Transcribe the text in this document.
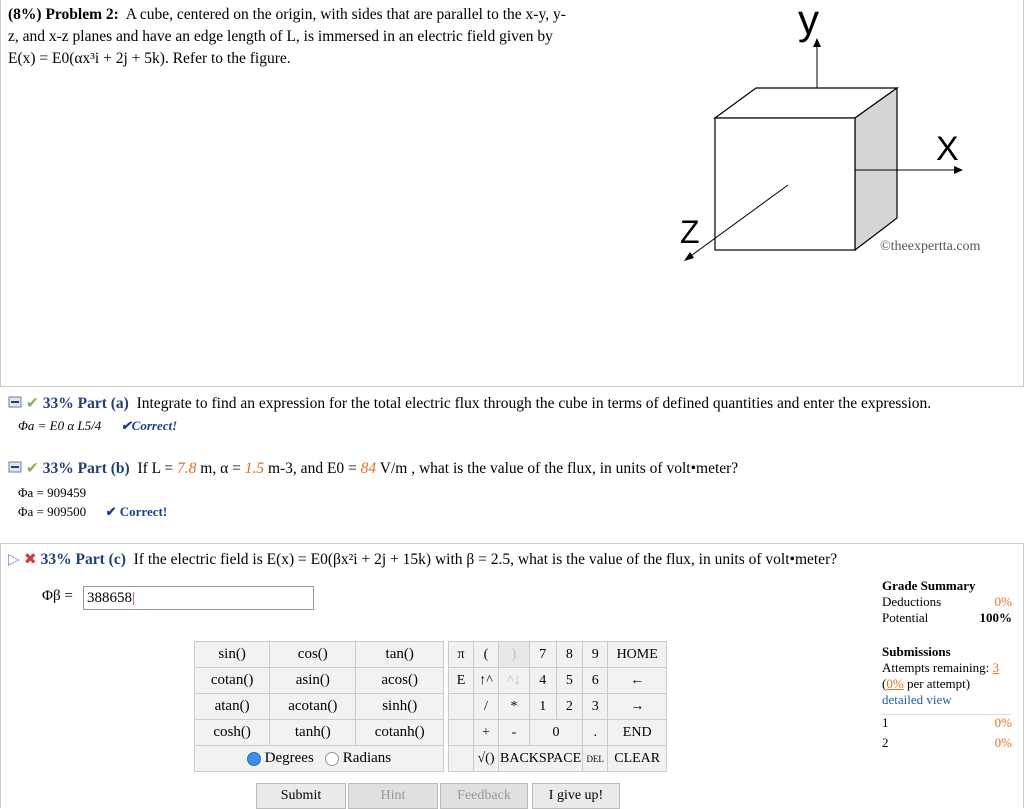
(8%) Problem 2: A cube, centered on the origin, with sides that are parallel to the x-y, y-
z, and x-z planes and have an edge length of L, is immersed in an electric field given by
E(x) = E0(αx³i + 2j + 5k). Refer to the figure.
y
X
Z	©theexpertta.com
✔ 33% Part (a) Integrate to find an expression for the total electric flux through the cube in terms of defined quantities and enter the expression.
Φa = E0 α L5/4 ✔Correct!
✔ 33% Part (b) If L = 7.8 m, α = 1.5 m-3, and E0 = 84 V/m , what is the value of the flux, in units of volt•meter?
Φa = 909459
Φa = 909500 ✔ Correct!
▷ ✖ 33% Part (c) If the electric field is E(x) = E0(βx²i + 2j + 15k) with β = 2.5, what is the value of the flux, in units of volt•meter?
Φβ = 388658|
Grade Summary
Deductions	0%
Potential	100%
Submissions
Attempts remaining: 3
(0% per attempt)
detailed view
1	0%
2	0%
sin()	cos()	tan()
cotan()	asin()	acos()
atan()	acotan()	sinh()
cosh()	tanh()	cotanh()
Degrees Radians		
π	(	)	7	8	9	HOME
E	↑^	^↓	4	5	6	←
	/	*	1	2	3	→
	+	-	0		.	END
	√()	BACKSPACE			DEL	CLEAR
Submit	Hint	Feedback	I give up!
